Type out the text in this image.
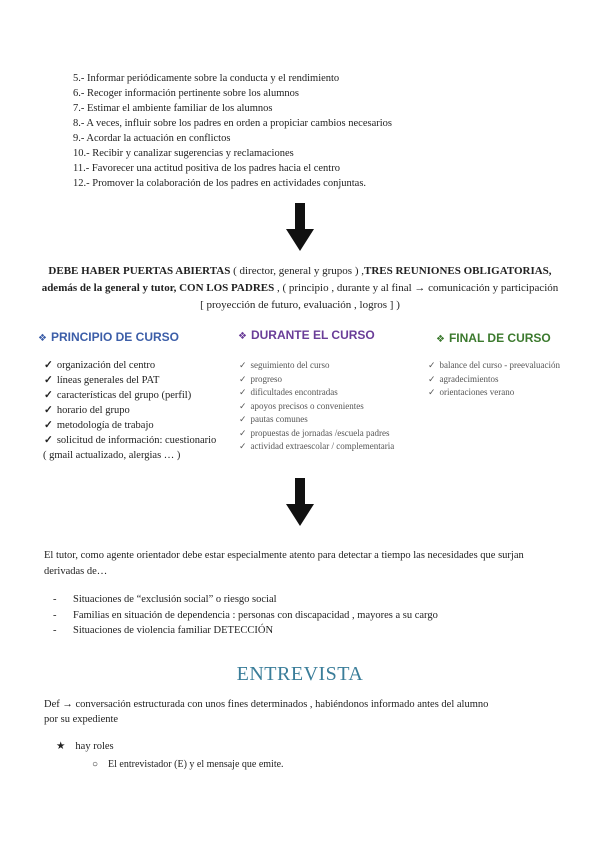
5.- Informar periódicamente sobre la conducta y el rendimiento
6.- Recoger información pertinente sobre los alumnos
7.- Estimar el ambiente familiar de los alumnos
8.- A veces, influir sobre los padres en orden a propiciar cambios necesarios
9.- Acordar la actuación en conflictos
10.- Recibir y canalizar sugerencias y reclamaciones
11.- Favorecer una actitud positiva de los padres hacia el centro
12.- Promover la colaboración de los padres en actividades conjuntas.
DEBE HABER PUERTAS ABIERTAS ( director, general y grupos ) ,TRES REUNIONES OBLIGATORIAS, además de la general y tutor, CON LOS PADRES , ( principio , durante y al final → comunicación y participación [ proyección de futuro, evaluación , logros ] )
❖ PRINCIPIO DE CURSO
✓ organización del centro
✓ líneas generales del PAT
✓ características del grupo (perfil)
✓ horario del grupo
✓ metodología de trabajo
✓ solicitud de información: cuestionario
( gmail actualizado, alergias … )
❖ DURANTE EL CURSO
✓ seguimiento del curso
✓ progreso
✓ dificultades encontradas
✓ apoyos precisos o convenientes
✓ pautas comunes
✓ propuestas de jornadas /escuela padres
✓ actividad extraescolar / complementaria
❖ FINAL DE CURSO
✓ balance del curso - preevaluación
✓ agradecimientos
✓ orientaciones verano
El tutor, como agente orientador debe estar especialmente atento para detectar a tiempo las necesidades que surjan derivadas de…
- Situaciones de “exclusión social” o riesgo social
- Familias en situación de dependencia : personas con discapacidad , mayores a su cargo
- Situaciones de violencia familiar DETECCIÓN
ENTREVISTA
Def → conversación estructurada con unos fines determinados , habiéndonos informado antes del alumno
por su expediente
★ hay roles
○ El entrevistador (E) y el mensaje que emite.
